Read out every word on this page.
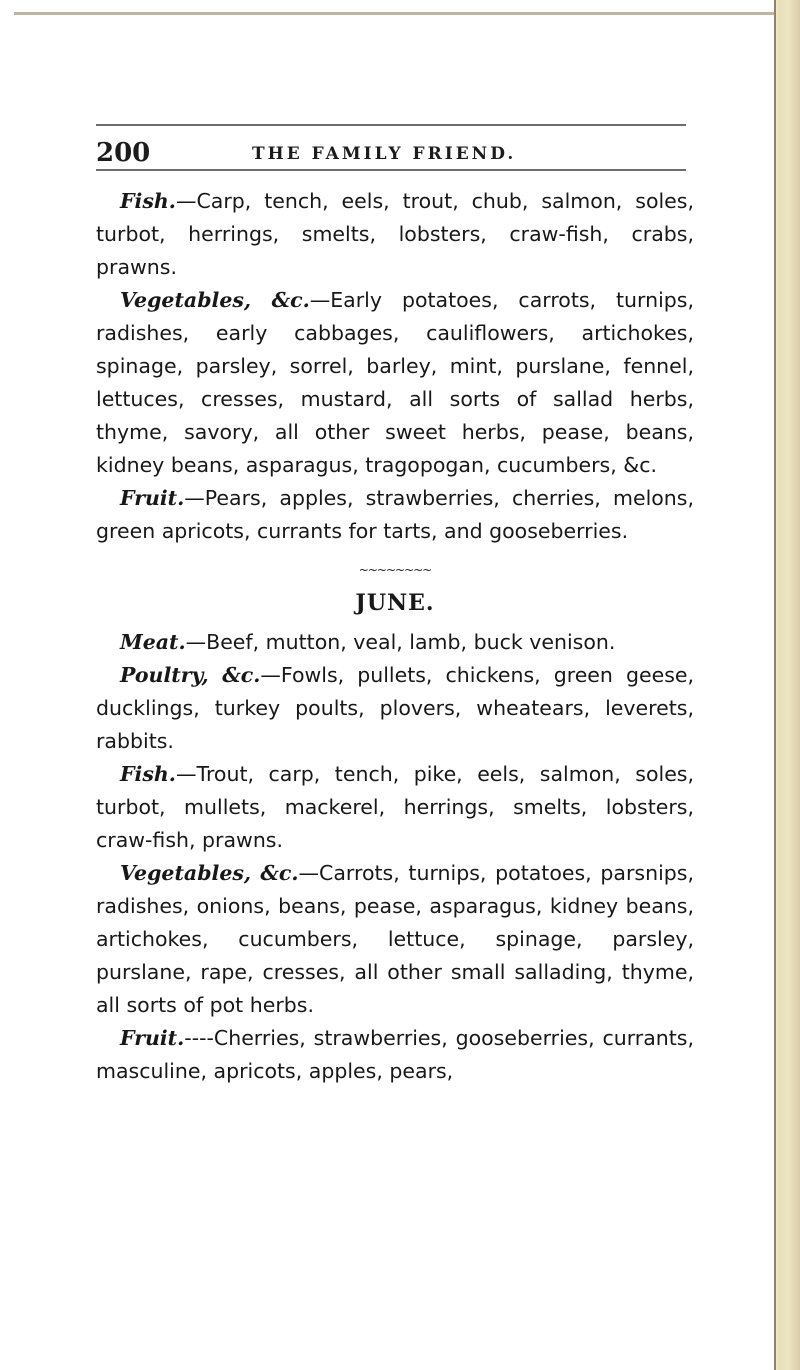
200	THE FAMILY FRIEND.

Fish.—Carp, tench, eels, trout, chub, salmon, soles, turbot, herrings, smelts, lobsters, craw-fish, crabs, prawns.

Vegetables, &c.—Early potatoes, carrots, turnips, radishes, early cabbages, cauliflowers, artichokes, spinage, parsley, sorrel, barley, mint, purslane, fennel, lettuces, cresses, mustard, all sorts of sallad herbs, thyme, savory, all other sweet herbs, pease, beans, kidney beans, asparagus, tragopogan, cucumbers, &c.

Fruit.—Pears, apples, strawberries, cherries, melons, green apricots, currants for tarts, and gooseberries.

~~~~~~~~
JUNE.

Meat.—Beef, mutton, veal, lamb, buck venison.

Poultry, &c.—Fowls, pullets, chickens, green geese, ducklings, turkey poults, plovers, wheatears, leverets, rabbits.

Fish.—Trout, carp, tench, pike, eels, salmon, soles, turbot, mullets, mackerel, herrings, smelts, lobsters, craw-fish, prawns.

Vegetables, &c.—Carrots, turnips, potatoes, parsnips, radishes, onions, beans, pease, asparagus, kidney beans, artichokes, cucumbers, lettuce, spinage, parsley, purslane, rape, cresses, all other small sallading, thyme, all sorts of pot herbs.

Fruit.----Cherries, strawberries, gooseberries, currants, masculine, apricots, apples, pears,
